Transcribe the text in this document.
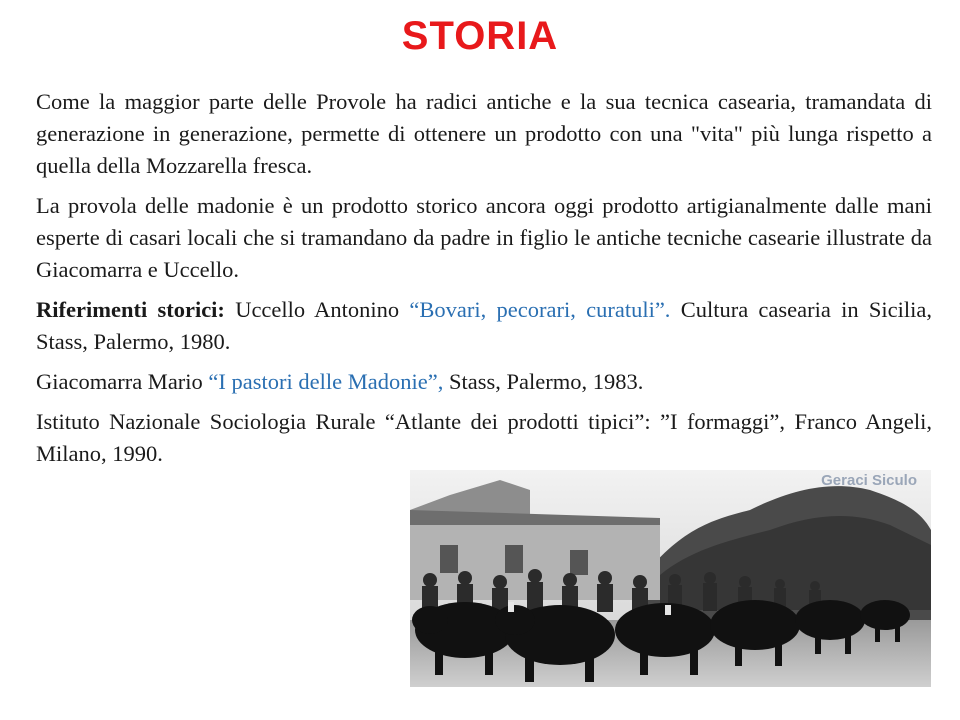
STORIA

Come la maggior parte delle Provole ha radici antiche e la sua tecnica casearia, tramandata di generazione in generazione, permette di ottenere un prodotto con una "vita" più lunga rispetto a quella della Mozzarella fresca.

La provola delle madonie è un prodotto storico ancora oggi prodotto artigianalmente dalle mani esperte di casari locali che si tramandano da padre in figlio le antiche tecniche casearie illustrate da Giacomarra e Uccello.

Riferimenti storici: Uccello Antonino “Bovari, pecorari, curatuli”. Cultura casearia in Sicilia, Stass, Palermo, 1980.

Giacomarra Mario “I pastori delle Madonie”, Stass, Palermo, 1983.

Istituto Nazionale Sociologia Rurale “Atlante dei prodotti tipici”: ”I formaggi”, Franco Angeli, Milano, 1990.

Geraci Siculo
